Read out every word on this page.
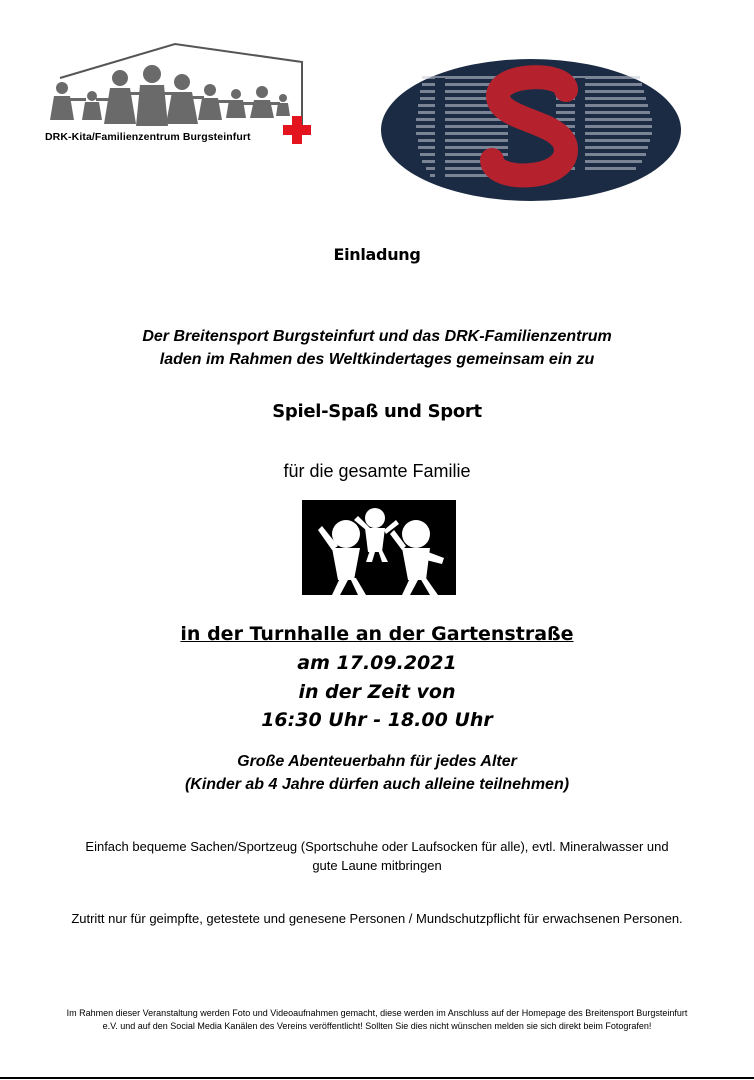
DRK-Kita/Familienzentrum Burgsteinfurt
Einladung
Der Breitensport Burgsteinfurt und das DRK-Familienzentrum
laden im Rahmen des Weltkindertages gemeinsam ein zu
Spiel-Spaß und Sport
für die gesamte Familie
in der Turnhalle an der Gartenstraße
am 17.09.2021
in der Zeit von
16:30 Uhr - 18.00 Uhr
Große Abenteuerbahn für jedes Alter
(Kinder ab 4 Jahre dürfen auch alleine teilnehmen)
Einfach bequeme Sachen/Sportzeug (Sportschuhe oder Laufsocken für alle), evtl. Mineralwasser und
gute Laune mitbringen
Zutritt nur für geimpfte, getestete und genesene Personen / Mundschutzpflicht für erwachsenen Personen.
Im Rahmen dieser Veranstaltung werden Foto und Videoaufnahmen gemacht, diese werden im Anschluss auf der Homepage des Breitensport Burgsteinfurt
e.V. und auf den Social Media Kanälen des Vereins veröffentlicht! Sollten Sie dies nicht wünschen melden sie sich direkt beim Fotografen!
